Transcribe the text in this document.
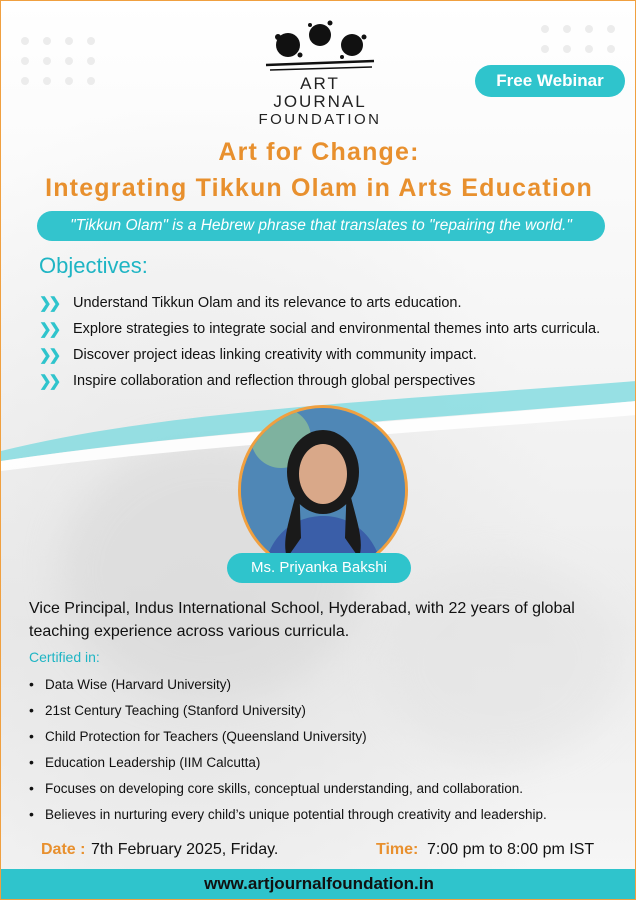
ART JOURNAL
FOUNDATION
Free Webinar
Art for Change:
Integrating Tikkun Olam in Arts Education
"Tikkun Olam" is a Hebrew phrase that translates to "repairing the world."
Objectives:
❯❯ Understand Tikkun Olam and its relevance to arts education.
❯❯ Explore strategies to integrate social and environmental themes into arts curricula.
❯❯ Discover project ideas linking creativity with community impact.
❯❯ Inspire collaboration and reflection through global perspectives
Ms. Priyanka Bakshi
Vice Principal, Indus International School, Hyderabad, with 22 years of global teaching experience across various curricula.
Certified in:
• Data Wise (Harvard University)
• 21st Century Teaching (Stanford University)
• Child Protection for Teachers (Queensland University)
• Education Leadership (IIM Calcutta)
• Focuses on developing core skills, conceptual understanding, and collaboration.
• Believes in nurturing every child’s unique potential through creativity and leadership.
Date : 7th February 2025, Friday.	Time: 7:00 pm to 8:00 pm IST
www.artjournalfoundation.in
